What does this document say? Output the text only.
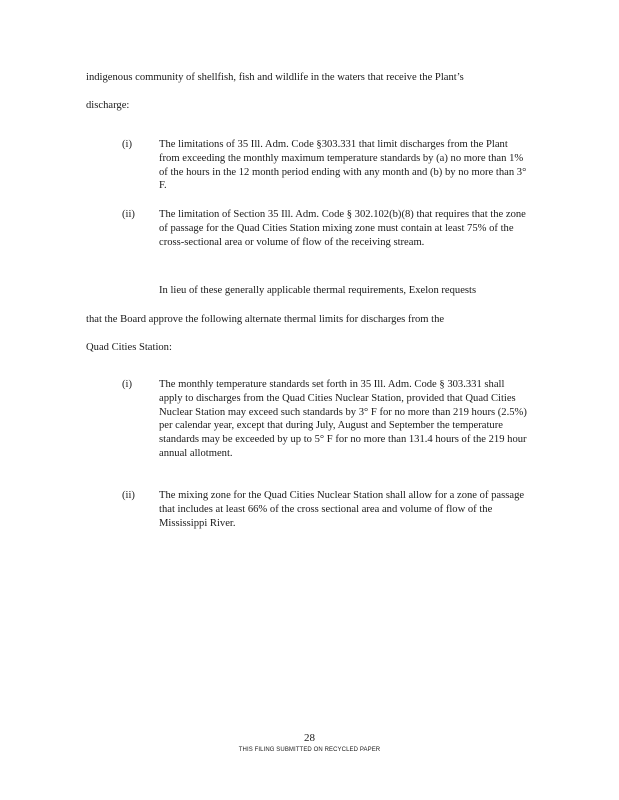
indigenous community of shellfish, fish and wildlife in the waters that receive the Plant’s
discharge:
(i)	The limitations of 35 Ill. Adm. Code §303.331 that limit discharges from the Plant from exceeding the monthly maximum temperature standards by (a) no more than 1% of the hours in the 12 month period ending with any month and (b) by no more than 3° F.
(ii) The limitation of Section 35 Ill. Adm. Code § 302.102(b)(8) that requires that the zone of passage for the Quad Cities Station mixing zone must contain at least 75% of the cross-sectional area or volume of flow of the receiving stream.
In lieu of these generally applicable thermal requirements, Exelon requests
that the Board approve the following alternate thermal limits for discharges from the
Quad Cities Station:
(i)	The monthly temperature standards set forth in 35 Ill. Adm. Code § 303.331 shall apply to discharges from the Quad Cities Nuclear Station, provided that Quad Cities Nuclear Station may exceed such standards by 3° F for no more than 219 hours (2.5%) per calendar year, except that during July, August and September the temperature standards may be exceeded by up to 5° F for no more than 131.4 hours of the 219 hour annual allotment.
(ii) The mixing zone for the Quad Cities Nuclear Station shall allow for a zone of passage that includes at least 66% of the cross sectional area and volume of flow of the Mississippi River.
28
THIS FILING SUBMITTED ON RECYCLED PAPER
